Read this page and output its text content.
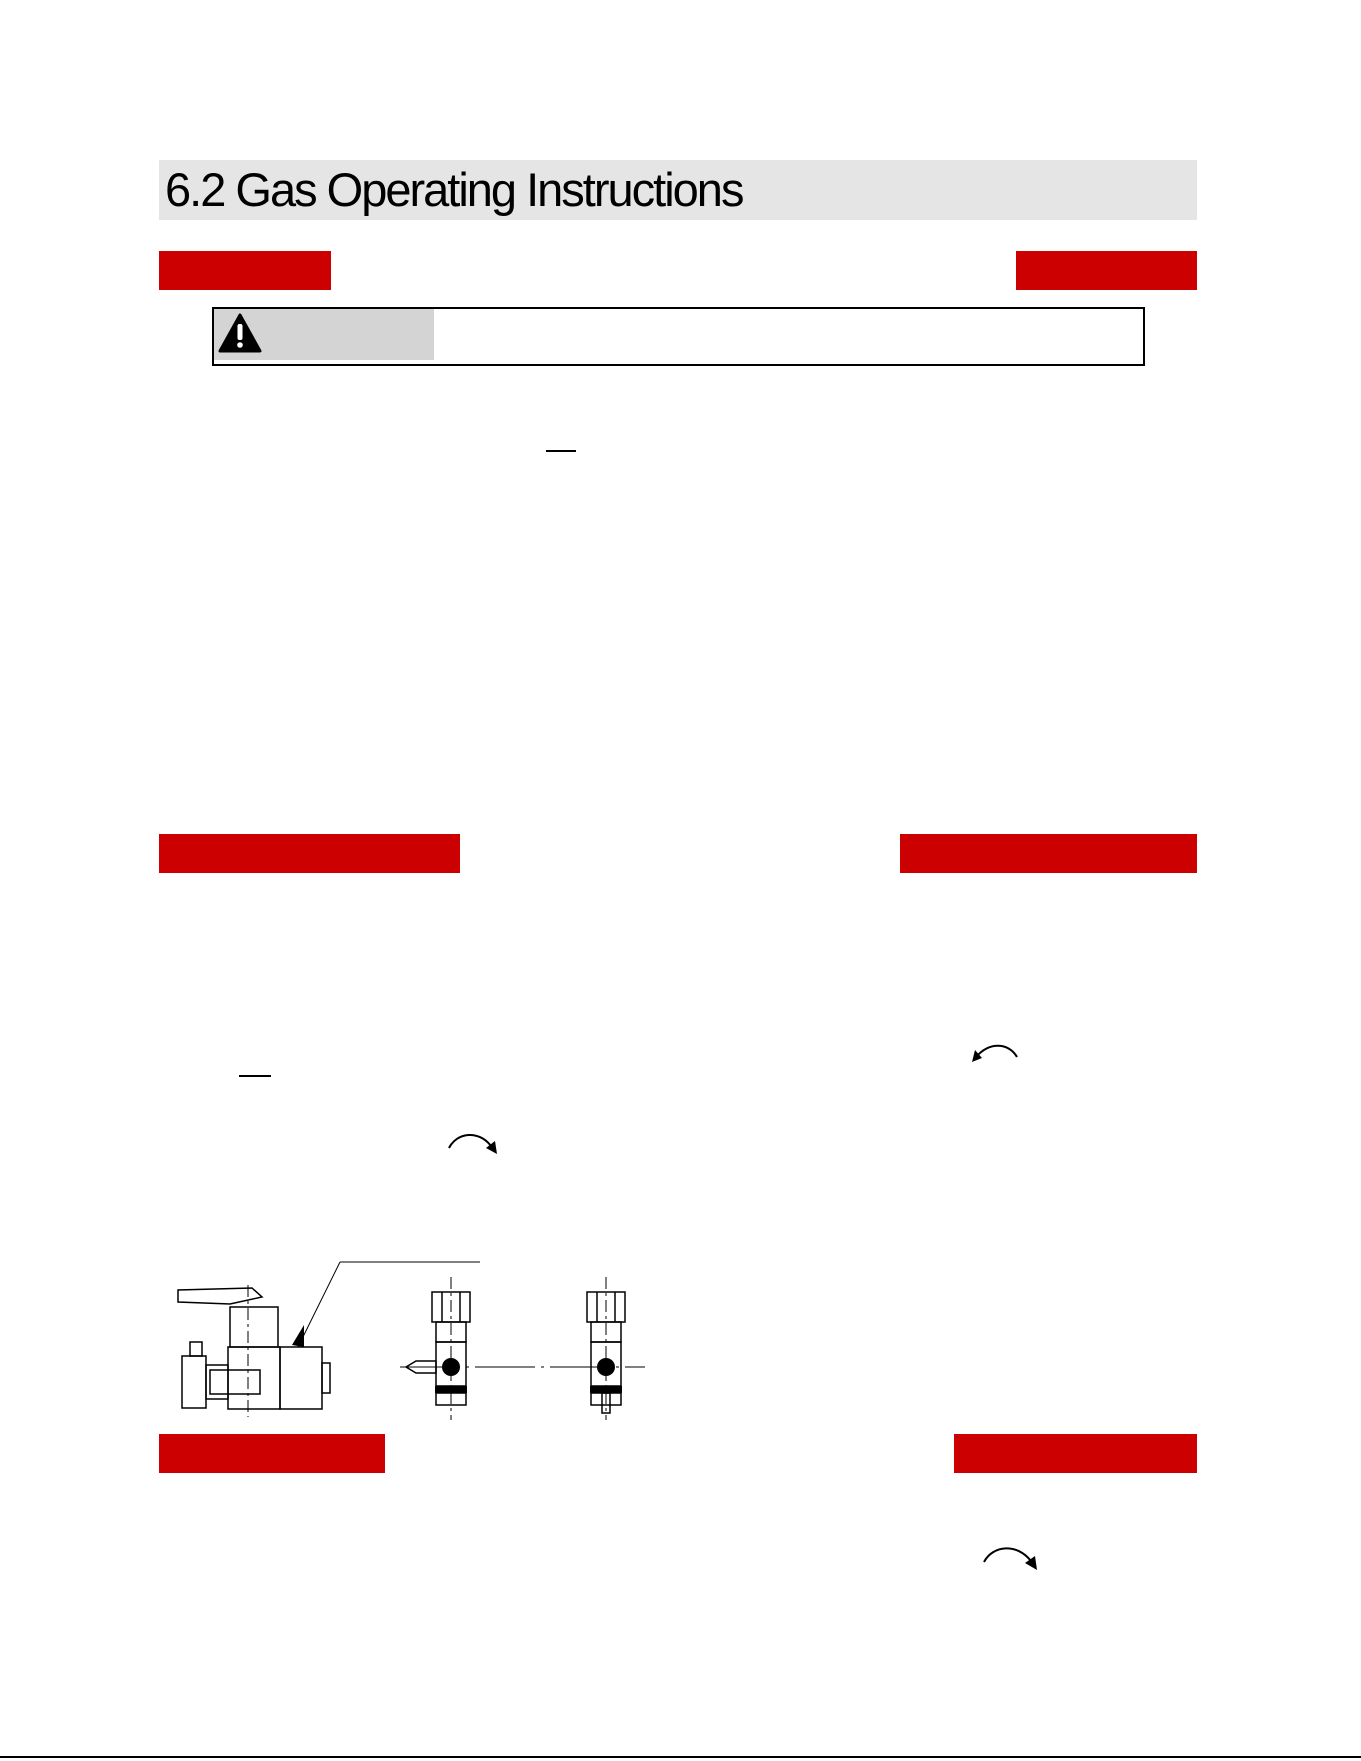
6.2 Gas Operating Instructions
